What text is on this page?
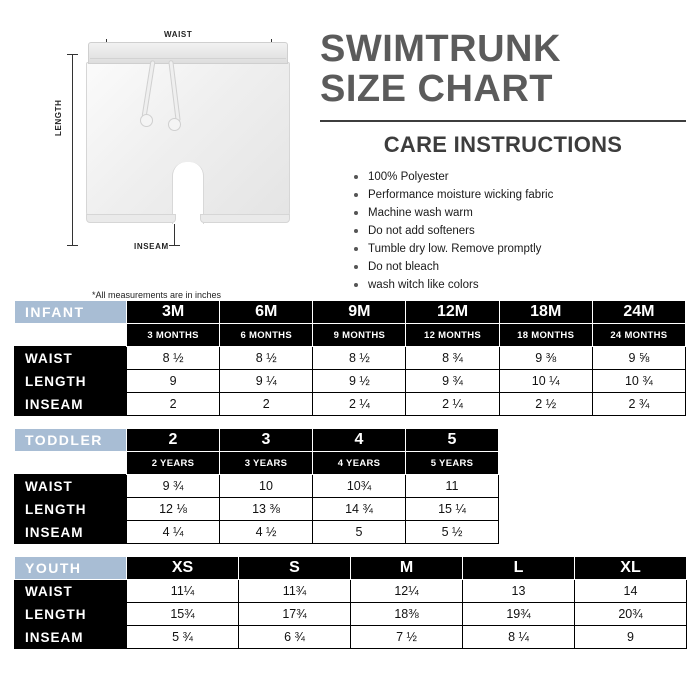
WAIST
LENGTH
INSEAM
*All measurements are in inches
SWIMTRUNK
SIZE CHART
CARE INSTRUCTIONS
100% Polyester
Performance moisture wicking fabric
Machine wash warm
Do not add softeners
Tumble dry low. Remove promptly
Do not bleach
wash witch like colors
INFANT	3M	6M	9M	12M	18M	24M
	3 MONTHS	6 MONTHS	9 MONTHS	12 MONTHS	18 MONTHS	24 MONTHS
WAIST	8 ½	8 ½	8 ½	8 ¾	9 ⅜	9 ⅝
LENGTH	9	9 ¼	9 ½	9 ¾	10 ¼	10 ¾
INSEAM	2	2	2 ¼	2 ¼	2 ½	2 ¾
TODDLER	2	3	4	5	
	2 YEARS	3 YEARS	4 YEARS	5 YEARS	
WAIST	9 ¾	10	10¾	11	
LENGTH	12 ⅛	13 ⅜	14 ¾	15 ¼	
INSEAM	4 ¼	4 ½	5	5 ½	
YOUTH	XS	S	M	L	XL
WAIST	11¼	11¾	12¼	13	14
LENGTH	15¾	17¾	18⅜	19¾	20¾
INSEAM	5 ¾	6 ¾	7 ½	8 ¼	9
